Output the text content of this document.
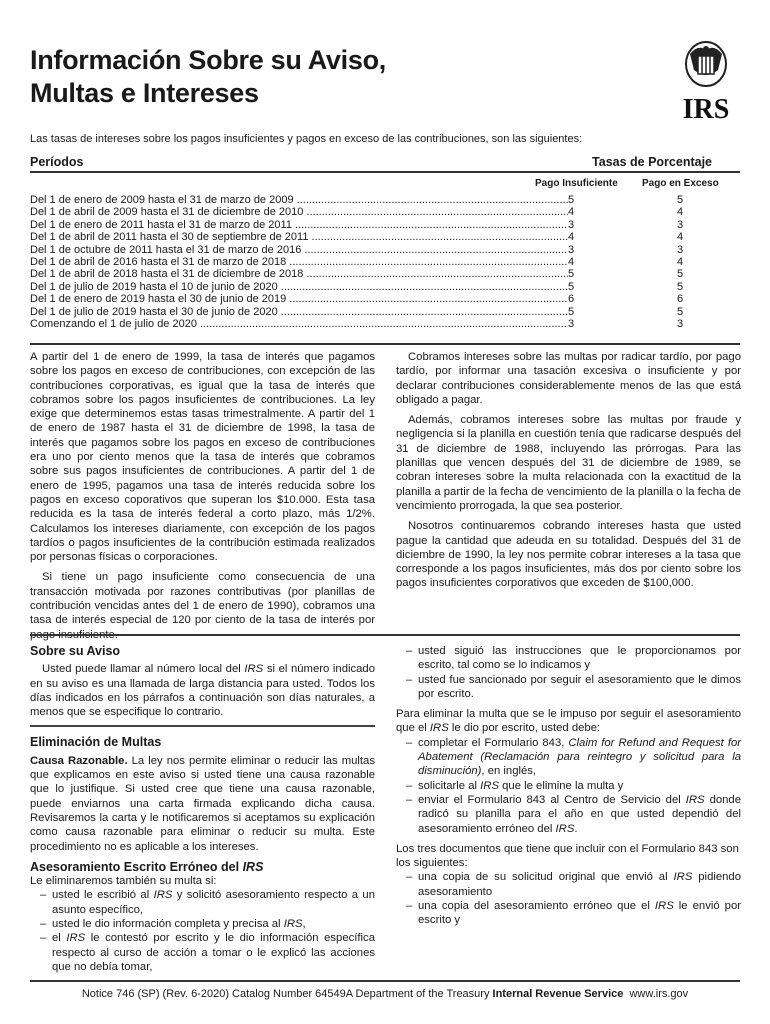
Información Sobre su Aviso,
Multas e Intereses
IRS
Las tasas de intereses sobre los pagos insuficientes y pagos en exceso de las contribuciones, son las siguientes:
Períodos	Tasas de Porcentaje
Pago Insuficiente Pago en Exceso
Del 1 de enero de 2009 hasta el 31 de marzo de 2009 .....	5	5
Del 1 de abril de 2009 hasta el 31 de diciembre de 2010 .....	4	4
Del 1 de enero de 2011 hasta el 31 de marzo de 2011 .....	3	3
Del 1 de abril de 2011 hasta el 30 de septiembre de 2011 .....	4	4
Del 1 de octubre de 2011 hasta el 31 de marzo de 2016 .....	3	3
Del 1 de abril de 2016 hasta el 31 de marzo de 2018 .....	4	4
Del 1 de abril de 2018 hasta el 31 de diciembre de 2018 .....	5	5
Del 1 de julio de 2019 hasta el 10 de junio de 2020 .....	5	5
Del 1 de enero de 2019 hasta el 30 de junio de 2019 .....	6	6
Del 1 de julio de 2019 hasta el 30 de junio de 2020 .....	5	5
Comenzando el 1 de julio de 2020 .....	3	3

A partir del 1 de enero de 1999, la tasa de interés que pagamos sobre los pagos en exceso de contribuciones, con excepción de las contribuciones corporativas, es igual que la tasa de interés que cobramos sobre los pagos insuficientes de contribuciones. La ley exige que determinemos estas tasas trimestralmente. A partir del 1 de enero de 1987 hasta el 31 de diciembre de 1998, la tasa de interés que pagamos sobre los pagos en exceso de contribuciones era uno por ciento menos que la tasa de interés que cobramos sobre sus pagos insuficientes de contribuciones. A partir del 1 de enero de 1995, pagamos una tasa de interés reducida sobre los pagos en exceso coporativos que superan los $10.000. Esta tasa reducida es la tasa de interés federal a corto plazo, más 1/2%. Calculamos los intereses diariamente, con excepción de los pagos tardíos o pagos insuficientes de la contribución estimada realizados por personas físicas o corporaciones.

Si tiene un pago insuficiente como consecuencia de una transacción motivada por razones contributivas (por planillas de contribución vencidas antes del 1 de enero de 1990), cobramos una tasa de interés especial de 120 por ciento de la tasa de interés por pago insuficiente.

Cobramos intereses sobre las multas por radicar tardío, por pago tardío, por informar una tasación excesiva o insuficiente y por declarar contribuciones considerablemente menos de las que está obligado a pagar.

Además, cobramos intereses sobre las multas por fraude y negligencia si la planilla en cuestión tenía que radicarse después del 31 de diciembre de 1988, incluyendo las prórrogas. Para las planillas que vencen después del 31 de diciembre de 1989, se cobran intereses sobre la multa relacionada con la exactitud de la planilla a partir de la fecha de vencimiento de la planilla o la fecha de vencimiento prorrogada, la que sea posterior.

Nosotros continuaremos cobrando intereses hasta que usted pague la cantidad que adeuda en su totalidad. Después del 31 de diciembre de 1990, la ley nos permite cobrar intereses a la tasa que corresponde a los pagos insuficientes, más dos por ciento sobre los pagos insuficientes corporativos que exceden de $100,000.

Sobre su Aviso

Usted puede llamar al número local del IRS si el número indicado en su aviso es una llamada de larga distancia para usted. Todos los días indicados en los párrafos a continuación son días naturales, a menos que se especifique lo contrario.

Eliminación de Multas

Causa Razonable. La ley nos permite eliminar o reducir las multas que explicamos en este aviso si usted tiene una causa razonable que lo justifique. Si usted cree que tiene una causa razonable, puede enviarnos una carta firmada explicando dicha causa. Revisaremos la carta y le notificaremos si aceptamos su explicación como causa razonable para eliminar o reducir su multa. Este procedimiento no es aplicable a los intereses.

Asesoramiento Escrito Erróneo del IRS
Le eliminaremos también su multa si:
– usted le escribió al IRS y solicitó asesoramiento respecto a un asunto específico,
– usted le dio información completa y precisa al IRS,
– el IRS le contestó por escrito y le dio información específica respecto al curso de acción a tomar o le explicó las acciones que no debía tomar,
– usted siguió las instrucciones que le proporcionamos por escrito, tal como se lo indicamos y
– usted fue sancionado por seguir el asesoramiento que le dimos por escrito.
Para eliminar la multa que se le impuso por seguir el asesoramiento que el IRS le dio por escrito, usted debe:
– completar el Formulario 843, Claim for Refund and Request for Abatement (Reclamación para reintegro y solicitud para la disminución), en inglés,
– solicitarle al IRS que le elimine la multa y
– enviar el Formulario 843 al Centro de Servicio del IRS donde radicó su planilla para el año en que usted dependió del asesoramiento erróneo del IRS.
Los tres documentos que tiene que incluir con el Formulario 843 son los siguientes:
– una copia de su solicitud original que envió al IRS pidiendo asesoramiento
– una copia del asesoramiento erróneo que el IRS le envió por escrito y
Notice 746 (SP) (Rev. 6-2020) Catalog Number 64549A Department of the Treasury Internal Revenue Service  www.irs.gov
